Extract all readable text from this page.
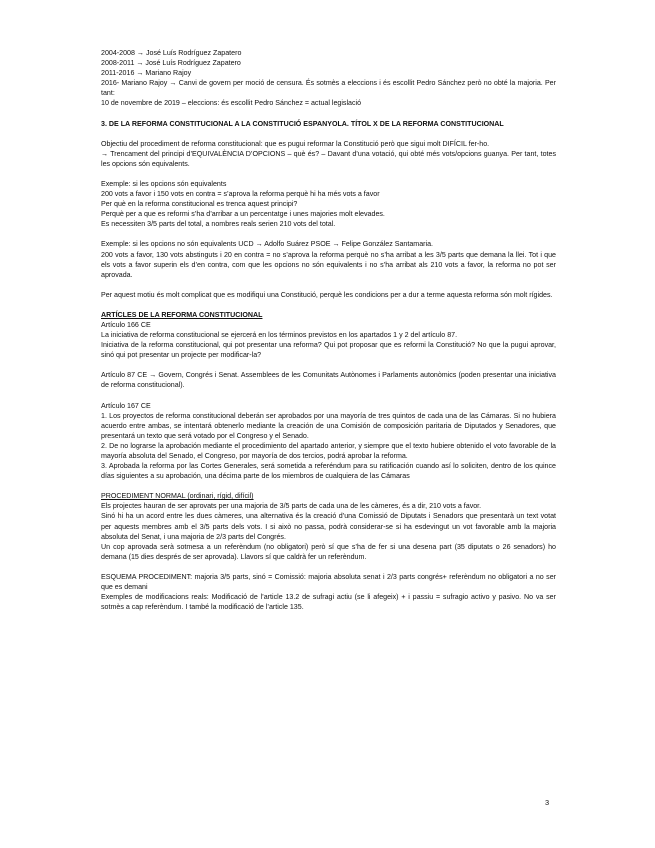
2004-2008 → José Luís Rodríguez Zapatero

2008-2011 → José Luís Rodríguez Zapatero

2011-2016 → Mariano Rajoy

2016- Mariano Rajoy → Canvi de govern per moció de censura. És sotmès a eleccions i és escollit Pedro Sánchez però no obté la majoria. Per tant:

10 de novembre de 2019 – eleccions: és escollit Pedro Sánchez = actual legislació

3. DE LA REFORMA CONSTITUCIONAL A LA CONSTITUCIÓ ESPANYOLA. TÍTOL X DE LA REFORMA CONSTITUCIONAL

Objectiu del procediment de reforma constitucional: que es pugui reformar la Constitució però que sigui molt DIFÍCIL fer-ho.

→ Trencament del principi d’EQUIVALÈNCIA D’OPCIONS – què és? – Davant d’una votació, qui obté més vots/opcions guanya. Per tant, totes les opcions són equivalents.

Exemple: si les opcions són equivalents

200 vots a favor i 150 vots en contra = s’aprova la reforma perquè hi ha més vots a favor

Per què en la reforma constitucional es trenca aquest principi?

Perquè per a que es reformi s’ha d’arribar a un percentatge i unes majories molt elevades.

Es necessiten 3/5 parts del total, a nombres reals serien 210 vots del total.

Exemple: si les opcions no són equivalents UCD → Adolfo Suárez PSOE → Felipe González Santamaria.

200 vots a favor, 130 vots abstinguts i 20 en contra = no s’aprova la reforma perquè no s’ha arribat a les 3/5 parts que demana la llei. Tot i que els vots a favor superin els d’en contra, com que les opcions no són equivalents i no s’ha arribat als 210 vots a favor, la reforma no pot ser aprovada.

Per aquest motiu és molt complicat que es modifiqui una Constitució, perquè les condicions per a dur a terme aquesta reforma són molt rígides.

ARTÍCLES DE LA REFORMA CONSTITUCIONAL

Artículo 166 CE

La iniciativa de reforma constitucional se ejercerá en los términos previstos en los apartados 1 y 2 del artículo 87.

Iniciativa de la reforma constitucional, qui pot presentar una reforma? Qui pot proposar que es reformi la Constitució? No que la pugui aprovar, sinó qui pot presentar un projecte per modificar-la?

Artículo 87 CE → Govern, Congrés i Senat. Assemblees de les Comunitats Autònomes i Parlaments autonòmics (poden presentar una iniciativa de reforma constitucional).

Artículo 167 CE

1. Los proyectos de reforma constitucional deberán ser aprobados por una mayoría de tres quintos de cada una de las Cámaras. Si no hubiera acuerdo entre ambas, se intentará obtenerlo mediante la creación de una Comisión de composición paritaria de Diputados y Senadores, que presentará un texto que será votado por el Congreso y el Senado.

2. De no lograrse la aprobación mediante el procedimiento del apartado anterior, y siempre que el texto hubiere obtenido el voto favorable de la mayoría absoluta del Senado, el Congreso, por mayoría de dos tercios, podrá aprobar la reforma.

3. Aprobada la reforma por las Cortes Generales, será sometida a referéndum para su ratificación cuando así lo soliciten, dentro de los quince días siguientes a su aprobación, una décima parte de los miembros de cualquiera de las Cámaras

PROCEDIMENT NORMAL (ordinari, rígid, difícil)

Els projectes hauran de ser aprovats per una majoria de 3/5 parts de cada una de les càmeres, és a dir, 210 vots a favor.

Sinó hi ha un acord entre les dues càmeres, una alternativa és la creació d’una Comissió de Diputats i Senadors que presentarà un text votat per aquests membres amb el 3/5 parts dels vots. I si això no passa, podrà considerar-se si ha esdevingut un vot favorable amb la majoria absoluta del Senat, i una majoria de 2/3 parts del Congrés.

Un cop aprovada serà sotmesa a un referèndum (no obligatori) però sí que s’ha de fer si una desena part (35 diputats o 26 senadors) ho demana (15 dies després de ser aprovada). Llavors sí que caldrà fer un referèndum.

ESQUEMA PROCEDIMENT: majoria 3/5 parts, sinó = Comissió: majoria absoluta senat i 2/3 parts congrés+ referèndum no obligatori a no ser que es demani

Exemples de modificacions reals: Modificació de l’article 13.2 de sufragi actiu (se li afegeix) + i passiu = sufragio activo y pasivo. No va ser sotmès a cap referèndum. I també la modificació de l’article 135.

3
